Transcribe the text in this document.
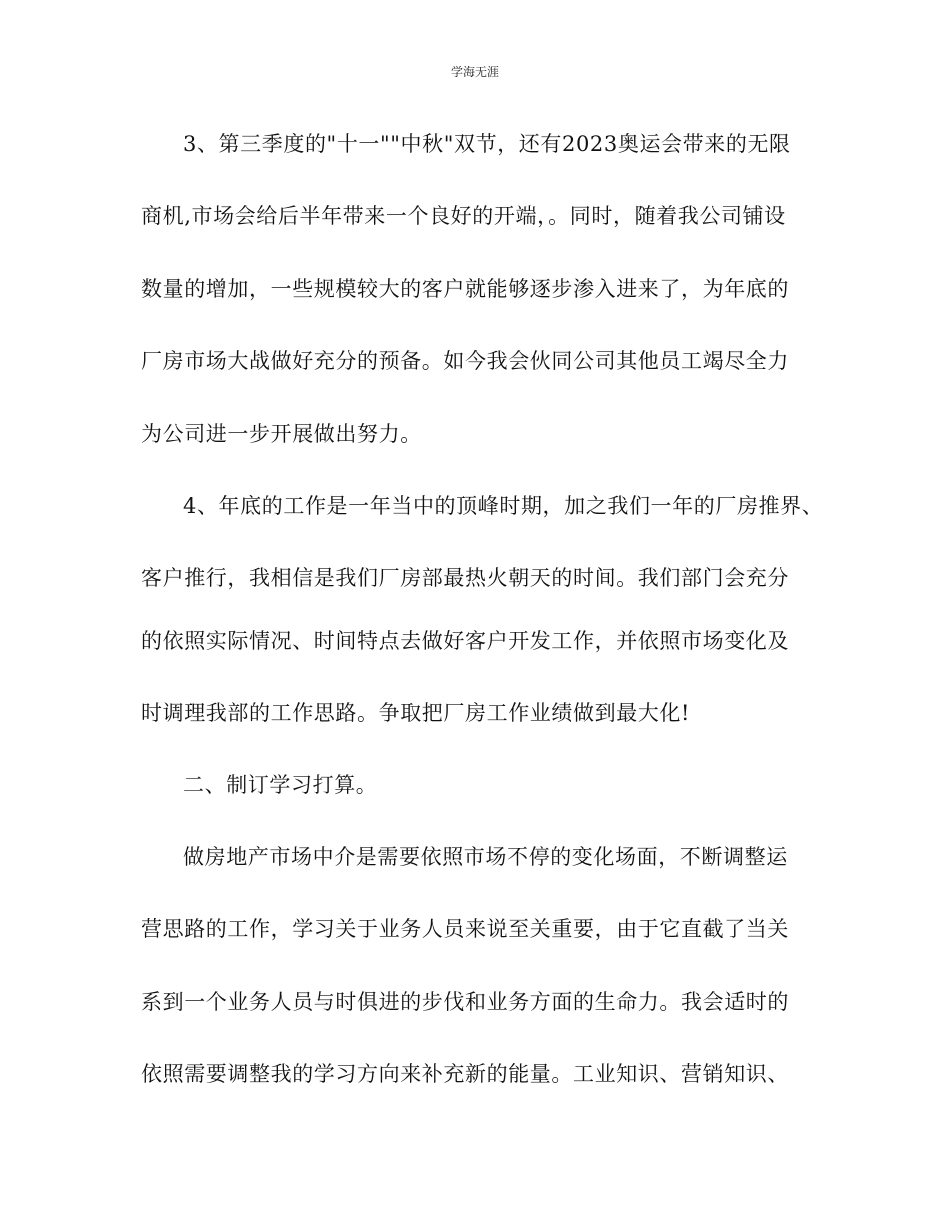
学海无涯
3、第三季度的"十一""中秋"双节，还有2023奥运会带来的无限
商机,市场会给后半年带来一个良好的开端，。同时，随着我公司铺设
数量的增加，一些规模较大的客户就能够逐步渗入进来了，为年底的
厂房市场大战做好充分的预备。如今我会伙同公司其他员工竭尽全力
为公司进一步开展做出努力。
4、年底的工作是一年当中的顶峰时期，加之我们一年的厂房推界、
客户推行，我相信是我们厂房部最热火朝天的时间。我们部门会充分
的依照实际情况、时间特点去做好客户开发工作，并依照市场变化及
时调理我部的工作思路。争取把厂房工作业绩做到最大化!
二、制订学习打算。
做房地产市场中介是需要依照市场不停的变化场面，不断调整运
营思路的工作，学习关于业务人员来说至关重要，由于它直截了当关
系到一个业务人员与时俱进的步伐和业务方面的生命力。我会适时的
依照需要调整我的学习方向来补充新的能量。工业知识、营销知识、
